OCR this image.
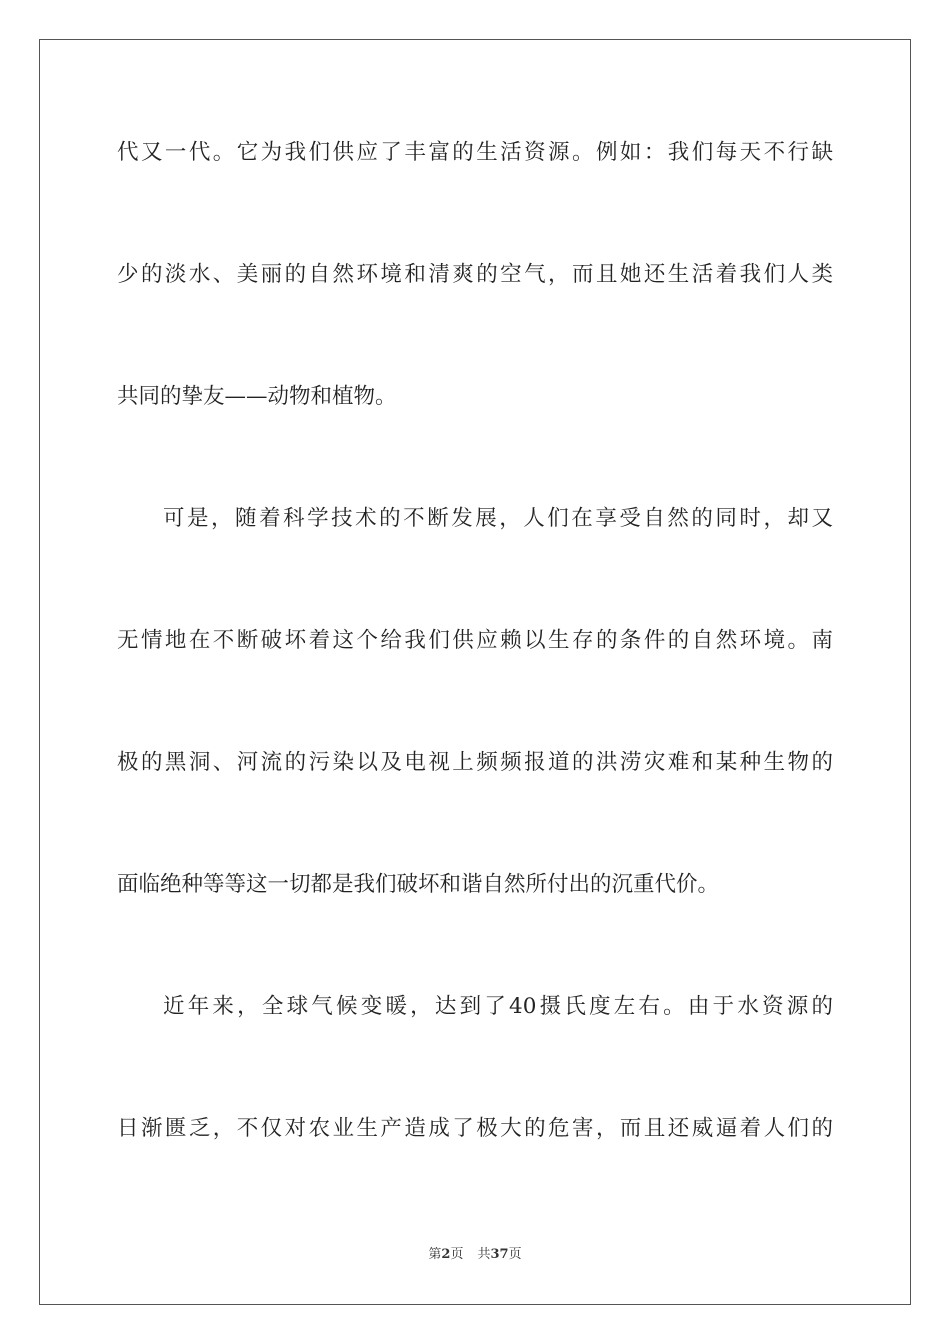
代又一代。它为我们供应了丰富的生活资源。例如：我们每天不行缺
少的淡水、美丽的自然环境和清爽的空气，而且她还生活着我们人类
共同的挚友——动物和植物。
可是，随着科学技术的不断发展，人们在享受自然的同时，却又
无情地在不断破坏着这个给我们供应赖以生存的条件的自然环境。南
极的黑洞、河流的污染以及电视上频频报道的洪涝灾难和某种生物的
面临绝种等等这一切都是我们破坏和谐自然所付出的沉重代价。
近年来，全球气候变暖，达到了40摄氏度左右。由于水资源的
日渐匮乏，不仅对农业生产造成了极大的危害，而且还威逼着人们的
第2页 共37页
